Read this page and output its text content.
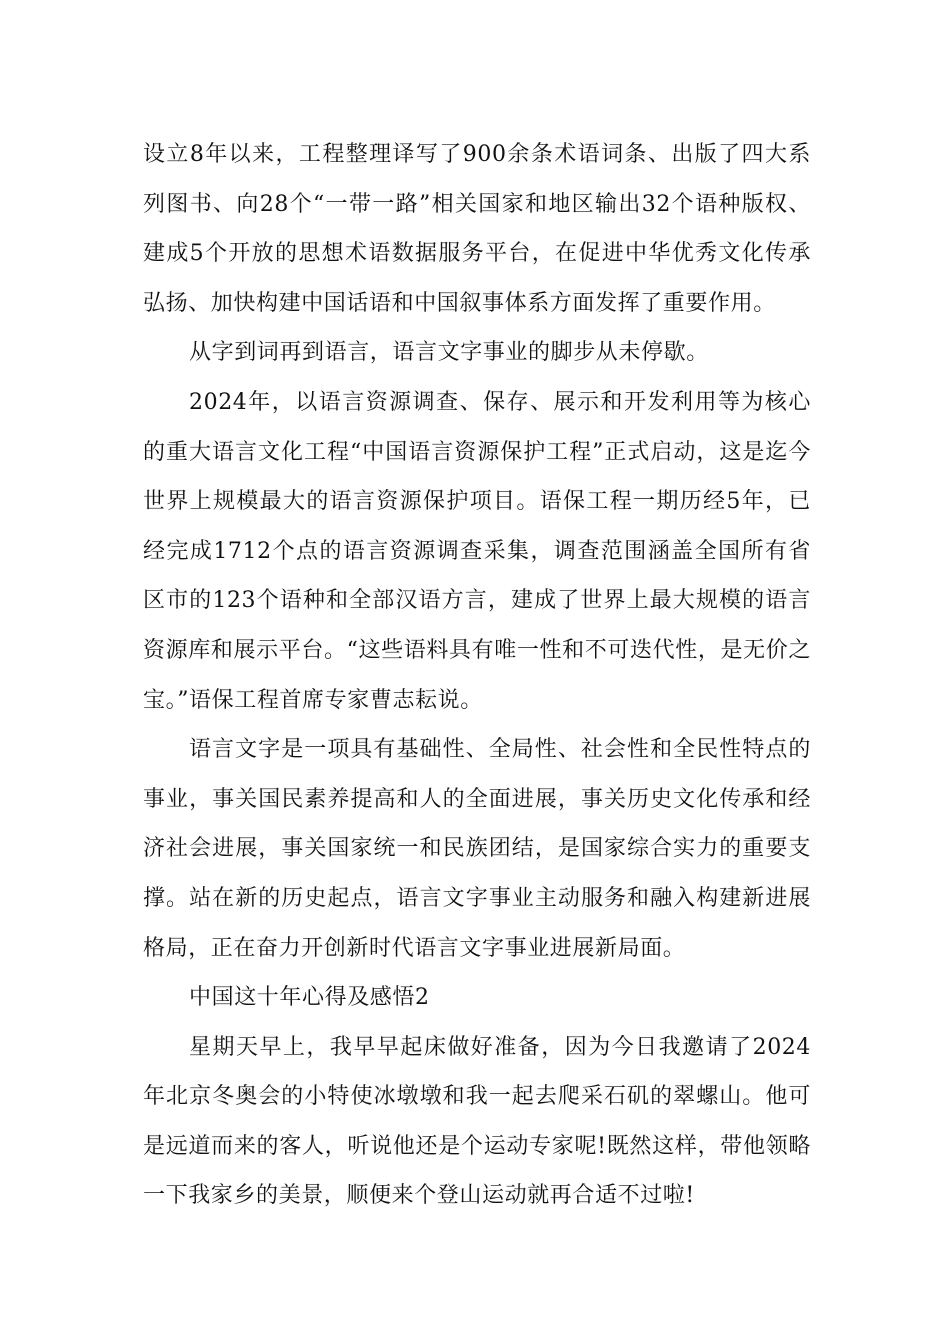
设立8年以来，工程整理译写了900余条术语词条、出版了四大系列图书、向28个“一带一路”相关国家和地区输出32个语种版权、建成5个开放的思想术语数据服务平台，在促进中华优秀文化传承弘扬、加快构建中国话语和中国叙事体系方面发挥了重要作用。

从字到词再到语言，语言文字事业的脚步从未停歇。

2024年，以语言资源调查、保存、展示和开发利用等为核心的重大语言文化工程“中国语言资源保护工程”正式启动，这是迄今世界上规模最大的语言资源保护项目。语保工程一期历经5年，已经完成1712个点的语言资源调查采集，调查范围涵盖全国所有省区市的123个语种和全部汉语方言，建成了世界上最大规模的语言资源库和展示平台。“这些语料具有唯一性和不可迭代性，是无价之宝。”语保工程首席专家曹志耘说。

语言文字是一项具有基础性、全局性、社会性和全民性特点的事业，事关国民素养提高和人的全面进展，事关历史文化传承和经济社会进展，事关国家统一和民族团结，是国家综合实力的重要支撑。站在新的历史起点，语言文字事业主动服务和融入构建新进展格局，正在奋力开创新时代语言文字事业进展新局面。

中国这十年心得及感悟2

星期天早上，我早早起床做好准备，因为今日我邀请了2024年北京冬奥会的小特使冰墩墩和我一起去爬采石矶的翠螺山。他可是远道而来的客人，听说他还是个运动专家呢!既然这样，带他领略一下我家乡的美景，顺便来个登山运动就再合适不过啦!
